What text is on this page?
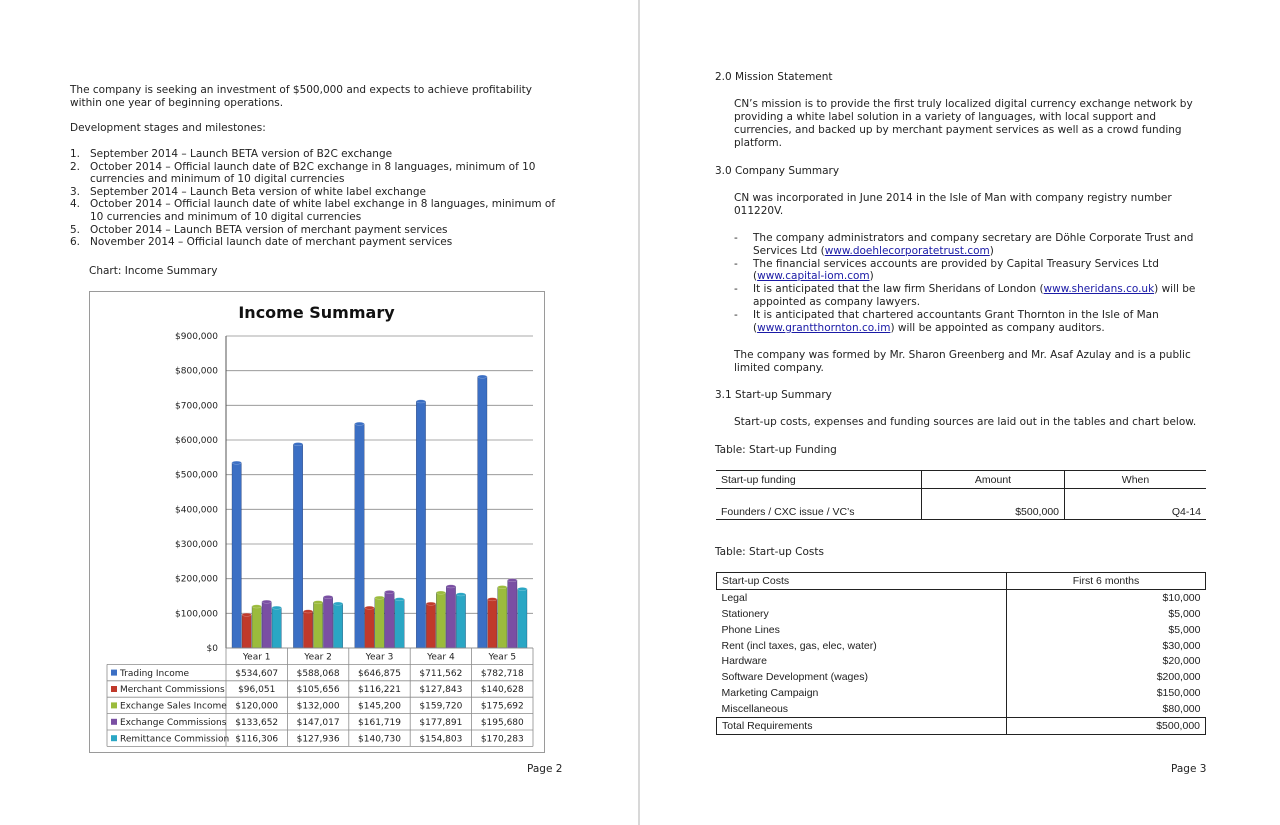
The company is seeking an investment of $500,000 and expects to achieve profitability within one year of beginning operations.
Development stages and milestones:
1. September 2014 – Launch BETA version of B2C exchange
2. October 2014 – Official launch date of B2C exchange in 8 languages, minimum of 10 currencies and minimum of 10 digital currencies
3. September 2014 – Launch Beta version of white label exchange
4. October 2014 – Official launch date of white label exchange in 8 languages, minimum of 10 currencies and minimum of 10 digital currencies
5. October 2014 – Launch BETA version of merchant payment services
6. November 2014 – Official launch date of merchant payment services
Chart: Income Summary
Income Summary
$0
$100,000
$200,000
$300,000
$400,000
$500,000
$600,000
$700,000
$800,000
$900,000
Year 1	Year 2	Year 3	Year 4	Year 5
Trading Income	$534,607 $588,068 $646,875 $711,562 $782,718
Merchant Commissions $96,051 $105,656 $116,221 $127,843 $140,628
Exchange Sales Income $120,000 $132,000 $145,200 $159,720 $175,692
Exchange Commissions $133,652 $147,017 $161,719 $177,891 $195,680
Remittance Commission $116,306 $127,936 $140,730 $154,803 $170,283
Page 2
2.0 Mission Statement
CN’s mission is to provide the first truly localized digital currency exchange network by providing a white label solution in a variety of languages, with local support and currencies, and backed up by merchant payment services as well as a crowd funding platform.
3.0 Company Summary
CN was incorporated in June 2014 in the Isle of Man with company registry number 011220V.
- The company administrators and company secretary are Döhle Corporate Trust and Services Ltd (www.doehlecorporatetrust.com)
- The financial services accounts are provided by Capital Treasury Services Ltd (www.capital-iom.com)
- It is anticipated that the law firm Sheridans of London (www.sheridans.co.uk) will be appointed as company lawyers.
- It is anticipated that chartered accountants Grant Thornton in the Isle of Man (www.grantthornton.co.im) will be appointed as company auditors.
The company was formed by Mr. Sharon Greenberg and Mr. Asaf Azulay and is a public limited company.
3.1 Start-up Summary
Start-up costs, expenses and funding sources are laid out in the tables and chart below.
Table: Start-up Funding
Start-up funding	Amount	When
Founders / CXC issue / VC’s	$500,000	Q4-14
Table: Start-up Costs
Start-up Costs	First 6 months
Legal	$10,000
Stationery	$5,000
Phone Lines	$5,000
Rent (incl taxes, gas, elec, water)	$30,000
Hardware	$20,000
Software Development (wages)	$200,000
Marketing Campaign	$150,000
Miscellaneous	$80,000
Total Requirements	$500,000
Page 3
